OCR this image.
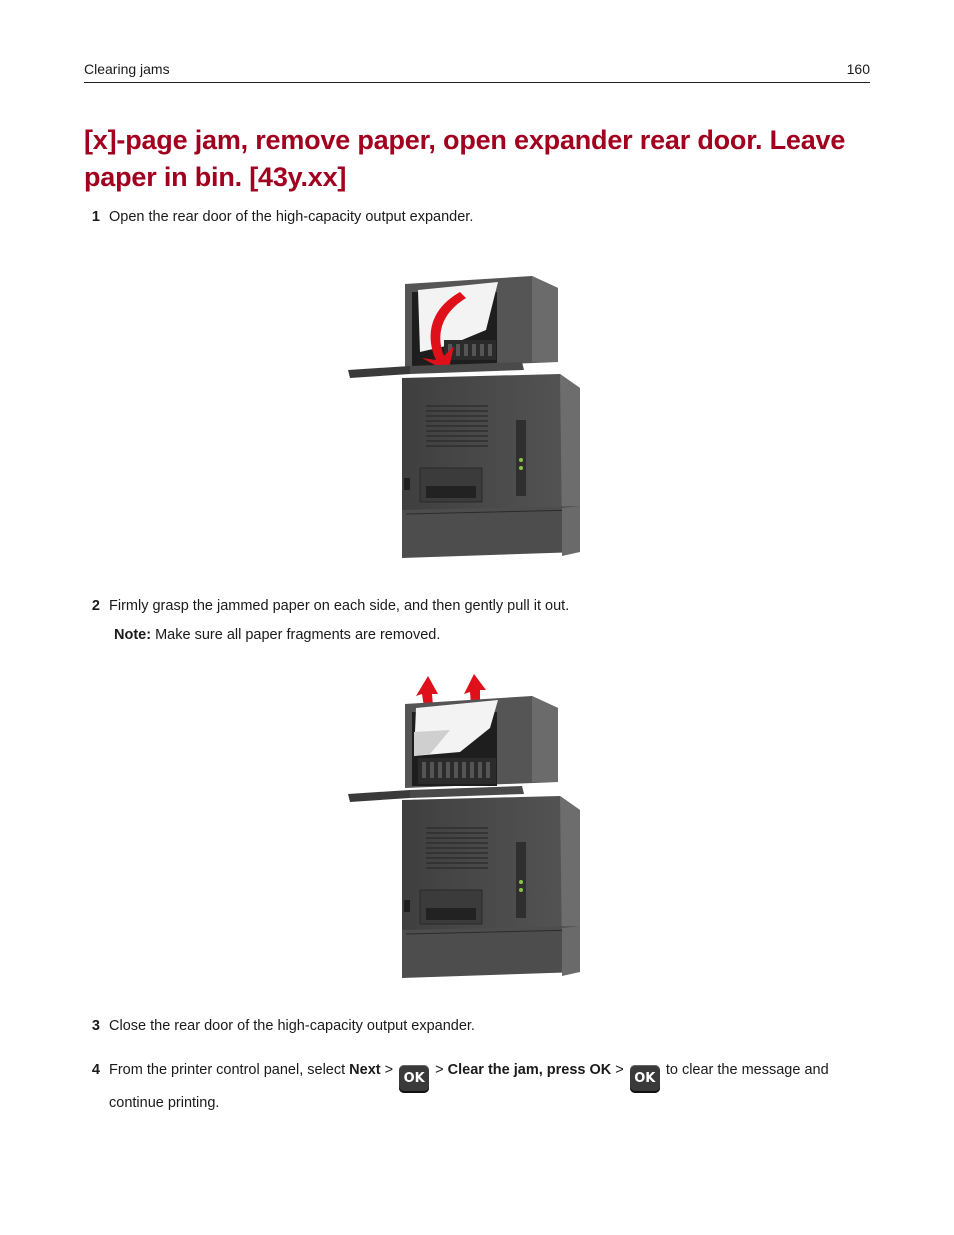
Clearing jams	160
[x]-page jam, remove paper, open expander rear door. Leave paper in bin. [43y.xx]
1 Open the rear door of the high-capacity output expander.
2 Firmly grasp the jammed paper on each side, and then gently pull it out.
Note: Make sure all paper fragments are removed.
3 Close the rear door of the high-capacity output expander.
4 From the printer control panel, select Next > OK > Clear the jam, press OK > OK to clear the message and continue printing.
